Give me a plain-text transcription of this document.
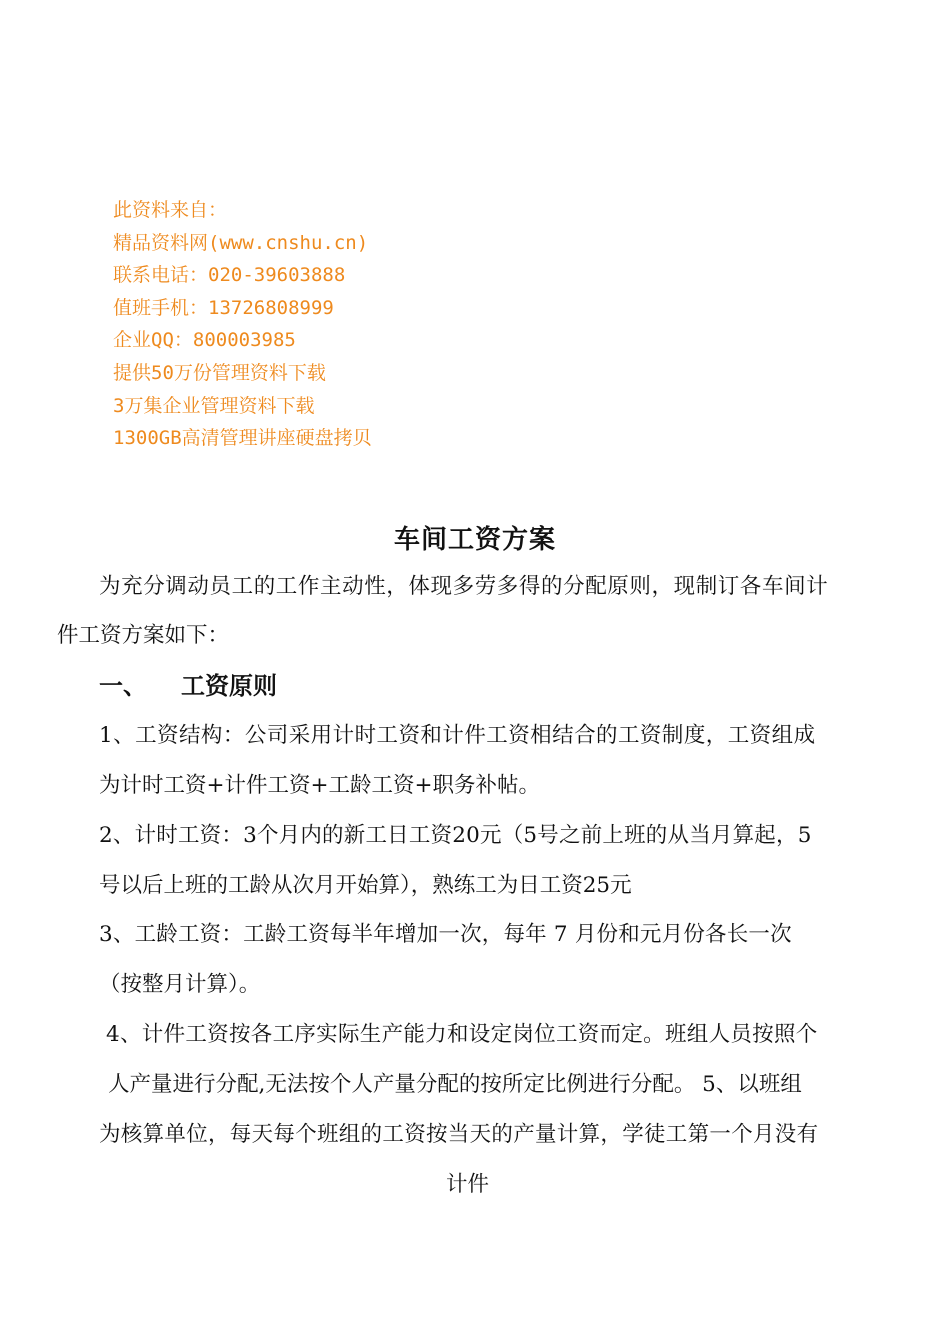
此资料来自：
精品资料网(www.cnshu.cn)
联系电话：020-39603888
值班手机：13726808999
企业QQ：800003985
提供50万份管理资料下载
3万集企业管理资料下载
1300GB高清管理讲座硬盘拷贝
车间工资方案
为充分调动员工的工作主动性，体现多劳多得的分配原则，现制订各车间计
件工资方案如下：
一、 工资原则
1、工资结构：公司采用计时工资和计件工资相结合的工资制度，工资组成
为计时工资+计件工资+工龄工资+职务补帖。
2、计时工资：3个月内的新工日工资20元（5号之前上班的从当月算起，5
号以后上班的工龄从次月开始算），熟练工为日工资25元
3、工龄工资：工龄工资每半年增加一次，每年 7 月份和元月份各长一次
（按整月计算）。
4、计件工资按各工序实际生产能力和设定岗位工资而定。班组人员按照个
人产量进行分配,无法按个人产量分配的按所定比例进行分配。 5、以班组
为核算单位，每天每个班组的工资按当天的产量计算，学徒工第一个月没有
计件
